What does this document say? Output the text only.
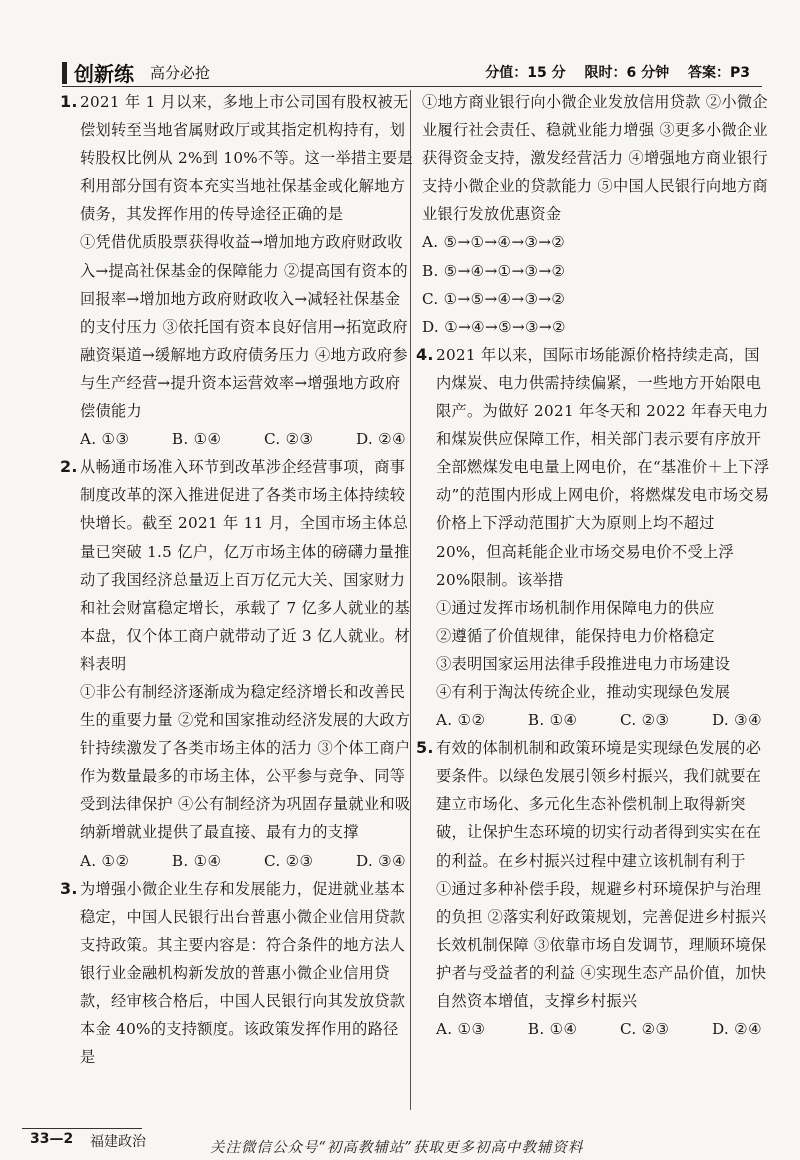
创新练 高分必抢	分值：15 分 限时：6 分钟 答案：P3
1. 2021 年 1 月以来，多地上市公司国有股权被无偿划转至当地省属财政厅或其指定机构持有，划转股权比例从 2%到 10%不等。这一举措主要是利用部分国有资本充实当地社保基金或化解地方债务，其发挥作用的传导途径正确的是

①凭借优质股票获得收益→增加地方政府财政收入→提高社保基金的保障能力 ②提高国有资本的回报率→增加地方政府财政收入→减轻社保基金的支付压力 ③依托国有资本良好信用→拓宽政府融资渠道→缓解地方政府债务压力 ④地方政府参与生产经营→提升资本运营效率→增强地方政府偿债能力

A. ①③	B. ①④	C. ②③	D. ②④
2. 从畅通市场准入环节到改革涉企经营事项，商事制度改革的深入推进促进了各类市场主体持续较快增长。截至 2021 年 11 月，全国市场主体总量已突破 1.5 亿户，亿万市场主体的磅礴力量推动了我国经济总量迈上百万亿元大关、国家财力和社会财富稳定增长，承载了 7 亿多人就业的基本盘，仅个体工商户就带动了近 3 亿人就业。材料表明

①非公有制经济逐渐成为稳定经济增长和改善民生的重要力量 ②党和国家推动经济发展的大政方针持续激发了各类市场主体的活力 ③个体工商户作为数量最多的市场主体，公平参与竞争、同等受到法律保护 ④公有制经济为巩固存量就业和吸纳新增就业提供了最直接、最有力的支撑

A. ①②	B. ①④	C. ②③	D. ③④
3. 为增强小微企业生存和发展能力，促进就业基本稳定，中国人民银行出台普惠小微企业信用贷款支持政策。其主要内容是：符合条件的地方法人银行业金融机构新发放的普惠小微企业信用贷款，经审核合格后，中国人民银行向其发放贷款本金 40%的支持额度。该政策发挥作用的路径是

①地方商业银行向小微企业发放信用贷款 ②小微企业履行社会责任、稳就业能力增强 ③更多小微企业获得资金支持，激发经营活力 ④增强地方商业银行支持小微企业的贷款能力 ⑤中国人民银行向地方商业银行发放优惠资金

A. ⑤→①→④→③→②

B. ⑤→④→①→③→②

C. ①→⑤→④→③→②

D. ①→④→⑤→③→②

4. 2021 年以来，国际市场能源价格持续走高，国内煤炭、电力供需持续偏紧，一些地方开始限电限产。为做好 2021 年冬天和 2022 年春天电力和煤炭供应保障工作，相关部门表示要有序放开全部燃煤发电电量上网电价，在“基准价＋上下浮动”的范围内形成上网电价，将燃煤发电市场交易价格上下浮动范围扩大为原则上均不超过 20%，但高耗能企业市场交易电价不受上浮 20%限制。该举措

①通过发挥市场机制作用保障电力的供应

②遵循了价值规律，能保持电力价格稳定

③表明国家运用法律手段推进电力市场建设

④有利于淘汰传统企业，推动实现绿色发展

A. ①②	B. ①④	C. ②③	D. ③④
5. 有效的体制机制和政策环境是实现绿色发展的必要条件。以绿色发展引领乡村振兴，我们就要在建立市场化、多元化生态补偿机制上取得新突破，让保护生态环境的切实行动者得到实实在在的利益。在乡村振兴过程中建立该机制有利于

①通过多种补偿手段，规避乡村环境保护与治理的负担 ②落实利好政策规划，完善促进乡村振兴长效机制保障 ③依靠市场自发调节，理顺环境保护者与受益者的利益 ④实现生态产品价值，加快自然资本增值，支撑乡村振兴

A. ①③	B. ①④	C. ②③	D. ②④
33—2 福建政治	关注微信公众号“初高教辅站”获取更多初高中教辅资料
